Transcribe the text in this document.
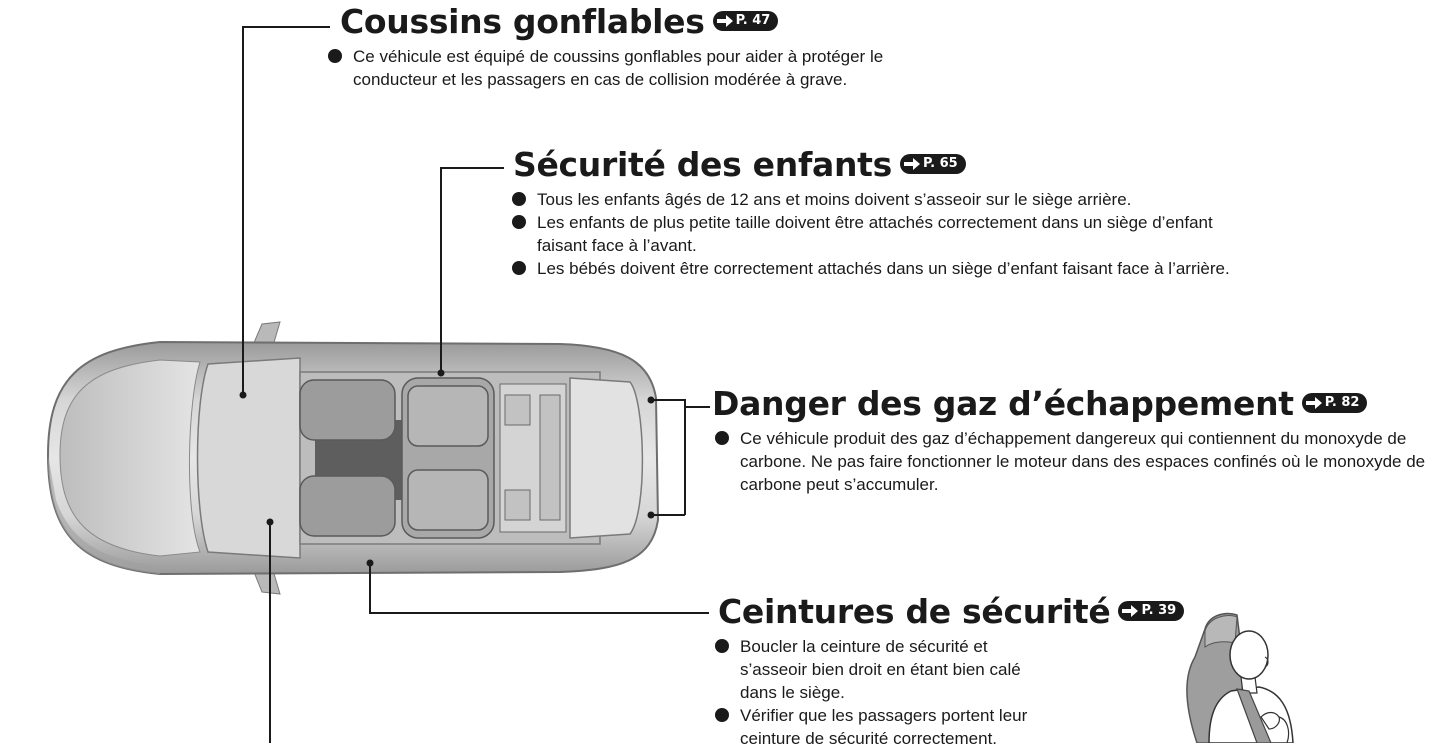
Coussins gonflables P. 47
Ce véhicule est équipé de coussins gonflables pour aider à protéger le conducteur et les passagers en cas de collision modérée à grave.
Sécurité des enfants P. 65
Tous les enfants âgés de 12 ans et moins doivent s’asseoir sur le siège arrière.
Les enfants de plus petite taille doivent être attachés correctement dans un siège d’enfant faisant face à l’avant.
Les bébés doivent être correctement attachés dans un siège d’enfant faisant face à l’arrière.
Danger des gaz d’échappement P. 82
Ce véhicule produit des gaz d’échappement dangereux qui contiennent du monoxyde de carbone. Ne pas faire fonctionner le moteur dans des espaces confinés où le monoxyde de carbone peut s’accumuler.
Ceintures de sécurité P. 39
Boucler la ceinture de sécurité et s’asseoir bien droit en étant bien calé dans le siège.
Vérifier que les passagers portent leur ceinture de sécurité correctement.
